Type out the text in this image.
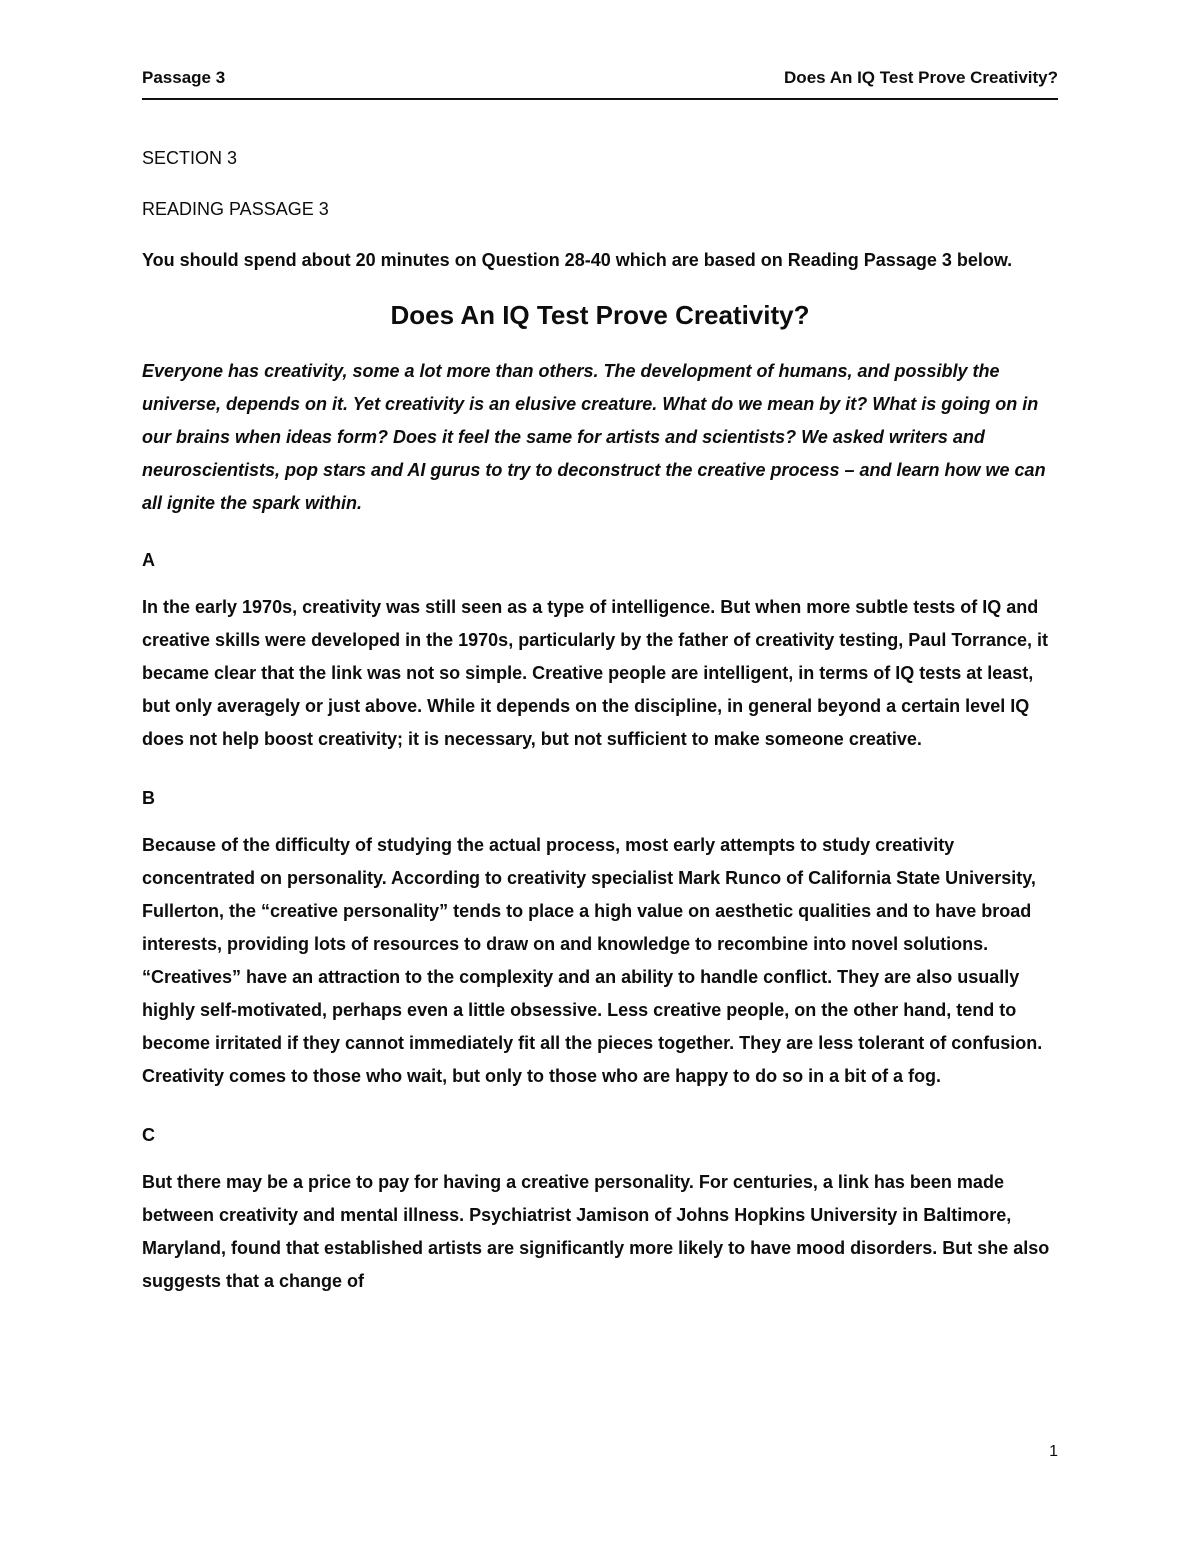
Passage 3	Does An IQ Test Prove Creativity?

SECTION 3

READING PASSAGE 3

You should spend about 20 minutes on Question 28-40 which are based on Reading Passage 3 below.

Does An IQ Test Prove Creativity?

Everyone has creativity, some a lot more than others. The development of humans, and possibly the universe, depends on it. Yet creativity is an elusive creature. What do we mean by it? What is going on in our brains when ideas form? Does it feel the same for artists and scientists? We asked writers and neuroscientists, pop stars and AI gurus to try to deconstruct the creative process – and learn how we can all ignite the spark within.

A

In the early 1970s, creativity was still seen as a type of intelligence. But when more subtle tests of IQ and creative skills were developed in the 1970s, particularly by the father of creativity testing, Paul Torrance, it became clear that the link was not so simple. Creative people are intelligent, in terms of IQ tests at least, but only averagely or just above. While it depends on the discipline, in general beyond a certain level IQ does not help boost creativity; it is necessary, but not sufficient to make someone creative.

B

Because of the difficulty of studying the actual process, most early attempts to study creativity concentrated on personality. According to creativity specialist Mark Runco of California State University, Fullerton, the “creative personality” tends to place a high value on aesthetic qualities and to have broad interests, providing lots of resources to draw on and knowledge to recombine into novel solutions. “Creatives” have an attraction to the complexity and an ability to handle conflict. They are also usually highly self-motivated, perhaps even a little obsessive. Less creative people, on the other hand, tend to become irritated if they cannot immediately fit all the pieces together. They are less tolerant of confusion. Creativity comes to those who wait, but only to those who are happy to do so in a bit of a fog.

C

But there may be a price to pay for having a creative personality. For centuries, a link has been made between creativity and mental illness. Psychiatrist Jamison of Johns Hopkins University in Baltimore, Maryland, found that established artists are significantly more likely to have mood disorders. But she also suggests that a change of

1
